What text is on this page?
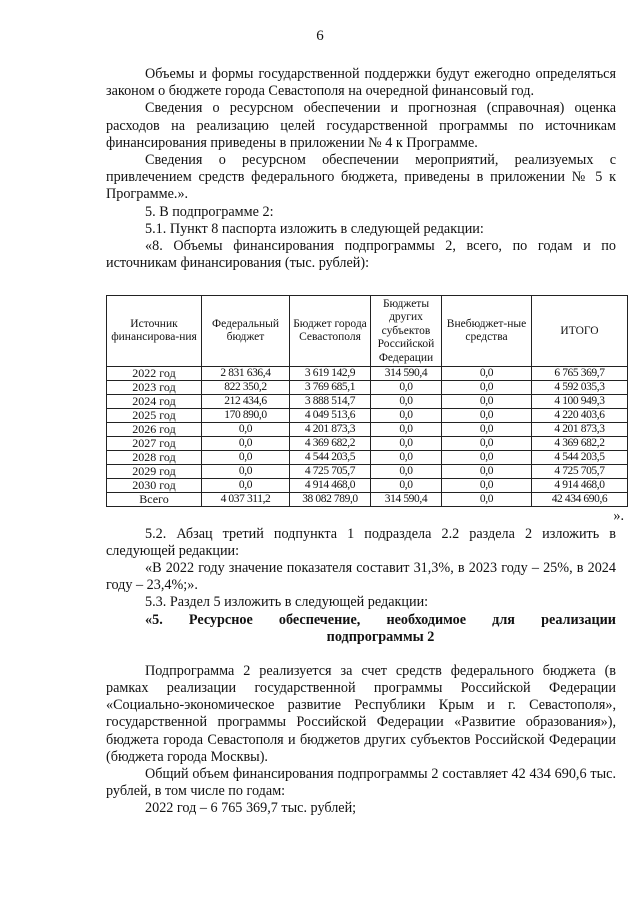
6

Объемы и формы государственной поддержки будут ежегодно определяться законом о бюджете города Севастополя на очередной финансовый год.

Сведения о ресурсном обеспечении и прогнозная (справочная) оценка расходов на реализацию целей государственной программы по источникам финансирования приведены в приложении № 4 к Программе.

Сведения о ресурсном обеспечении мероприятий, реализуемых с привлечением средств федерального бюджета, приведены в приложении № 5 к Программе.».

5. В подпрограмме 2:

5.1. Пункт 8 паспорта изложить в следующей редакции:

«8. Объемы финансирования подпрограммы 2, всего, по годам и по источникам финансирования (тыс. рублей):

Источник финансирова-ния	Федеральный бюджет	Бюджет города Севастополя	Бюджеты других субъектов Российской Федерации	Внебюджет-ные средства	ИТОГО
2022 год	2 831 636,4	3 619 142,9	314 590,4	0,0	6 765 369,7
2023 год	822 350,2	3 769 685,1	0,0	0,0	4 592 035,3
2024 год	212 434,6	3 888 514,7	0,0	0,0	4 100 949,3
2025 год	170 890,0	4 049 513,6	0,0	0,0	4 220 403,6
2026 год	0,0	4 201 873,3	0,0	0,0	4 201 873,3
2027 год	0,0	4 369 682,2	0,0	0,0	4 369 682,2
2028 год	0,0	4 544 203,5	0,0	0,0	4 544 203,5
2029 год	0,0	4 725 705,7	0,0	0,0	4 725 705,7
2030 год	0,0	4 914 468,0	0,0	0,0	4 914 468,0
Всего	4 037 311,2	38 082 789,0	314 590,4	0,0	42 434 690,6

».

5.2. Абзац третий подпункта 1 подраздела 2.2 раздела 2 изложить в следующей редакции:

«В 2022 году значение показателя составит 31,3%, в 2023 году – 25%, в 2024 году – 23,4%;».

5.3. Раздел 5 изложить в следующей редакции:

«5. Ресурсное обеспечение, необходимое для реализации

подпрограммы 2

Подпрограмма 2 реализуется за счет средств федерального бюджета (в рамках реализации государственной программы Российской Федерации «Социально-экономическое развитие Республики Крым и г. Севастополя», государственной программы Российской Федерации «Развитие образования»), бюджета города Севастополя и бюджетов других субъектов Российской Федерации (бюджета города Москвы).

Общий объем финансирования подпрограммы 2 составляет 42 434 690,6 тыс. рублей, в том числе по годам:

2022 год – 6 765 369,7 тыс. рублей;
